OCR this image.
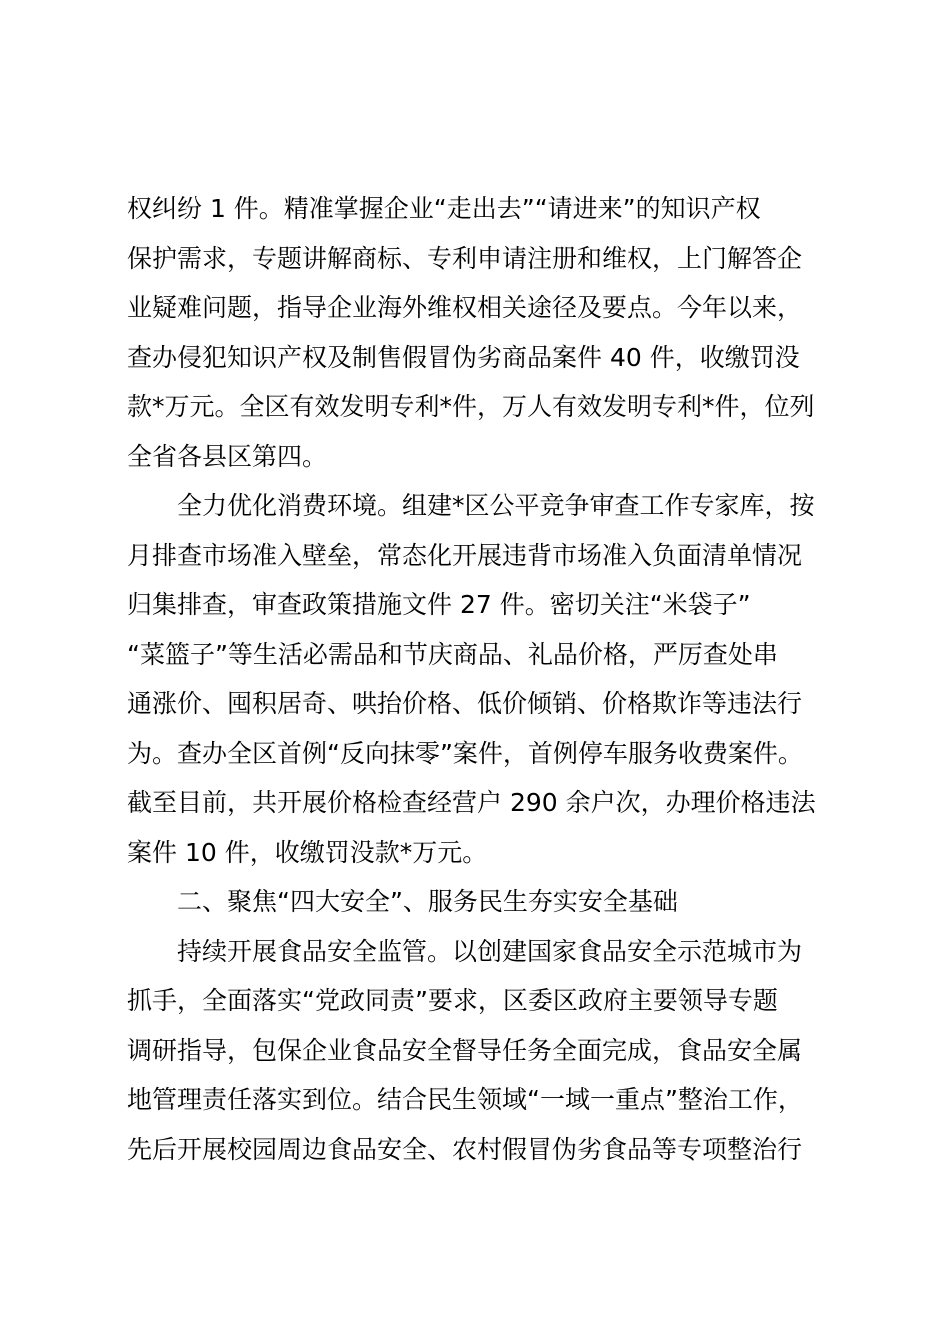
权纠纷 1 件。精准掌握企业“走出去”“请进来”的知识产权
保护需求，专题讲解商标、专利申请注册和维权，上门解答企
业疑难问题，指导企业海外维权相关途径及要点。今年以来，
查办侵犯知识产权及制售假冒伪劣商品案件 40 件，收缴罚没
款*万元。全区有效发明专利*件，万人有效发明专利*件，位列
全省各县区第四。
全力优化消费环境。组建*区公平竞争审查工作专家库，按
月排查市场准入壁垒，常态化开展违背市场准入负面清单情况
归集排查，审查政策措施文件 27 件。密切关注“米袋子”
“菜篮子”等生活必需品和节庆商品、礼品价格，严厉查处串
通涨价、囤积居奇、哄抬价格、低价倾销、价格欺诈等违法行
为。查办全区首例“反向抹零”案件，首例停车服务收费案件。
截至目前，共开展价格检查经营户 290 余户次，办理价格违法
案件 10 件，收缴罚没款*万元。
二、聚焦“四大安全”、服务民生夯实安全基础
持续开展食品安全监管。以创建国家食品安全示范城市为
抓手，全面落实“党政同责”要求，区委区政府主要领导专题
调研指导，包保企业食品安全督导任务全面完成，食品安全属
地管理责任落实到位。结合民生领域“一域一重点”整治工作，
先后开展校园周边食品安全、农村假冒伪劣食品等专项整治行
